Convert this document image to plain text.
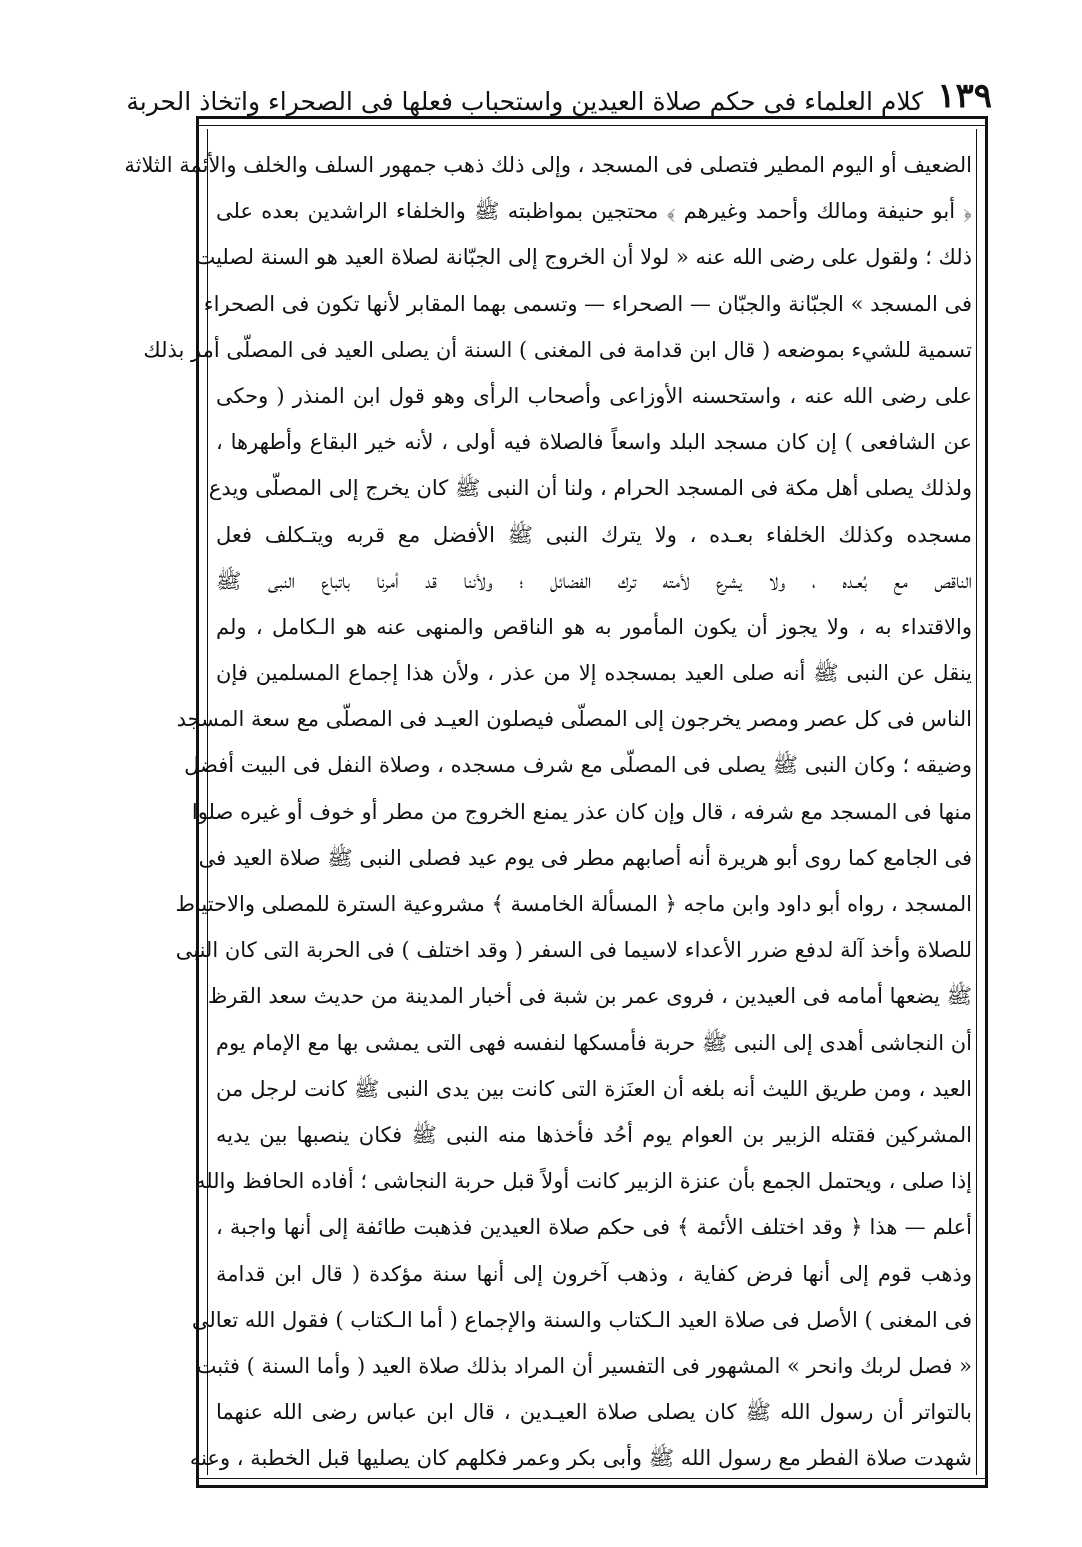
١٣٩
كلام العلماء فى حكم صلاة العيدين واستحباب فعلها فى الصحراء واتخاذ الحربة
الضعيف أو اليوم المطير فتصلى فى المسجد ، وإلى ذلك ذهب جمهور السلف والخلف والأئمة الثلاثة
﴿ أبو حنيفة ومالك وأحمد وغيرهم ﴾ محتجين بمواظبته ﷺ والخلفاء الراشدين بعده على
ذلك ؛ ولقول على رضى الله عنه « لولا أن الخروج إلى الجبّانة لصلاة العيد هو السنة لصليت
فى المسجد » الجبّانة والجبّان — الصحراء — وتسمى بهما المقابر لأنها تكون فى الصحراء
تسمية للشيء بموضعه ( قال ابن قدامة فى المغنى ) السنة أن يصلى العيد فى المصلّى أمر بذلك
على رضى الله عنه ، واستحسنه الأوزاعى وأصحاب الرأى وهو قول ابن المنذر ( وحكى
عن الشافعى ) إن كان مسجد البلد واسعاً فالصلاة فيه أولى ، لأنه خير البقاع وأطهرها ،
ولذلك يصلى أهل مكة فى المسجد الحرام ، ولنا أن النبى ﷺ كان يخرج إلى المصلّى ويدع
مسجده وكذلك الخلفاء بعـده ، ولا يترك النبى ﷺ الأفضل مع قربه ويتـكلف فعل
الناقص مع بُعـده ، ولا يشرع لأمته ترك الفضائل ؛ ولأننا قد أمرنا باتباع النبى ﷺ
والاقتداء به ، ولا يجوز أن يكون المأمور به هو الناقص والمنهى عنه هو الـكامل ، ولم
ينقل عن النبى ﷺ أنه صلى العيد بمسجده إلا من عذر ، ولأن هذا إجماع المسلمين فإن
الناس فى كل عصر ومصر يخرجون إلى المصلّى فيصلون العيـد فى المصلّى مع سعة المسجد
وضيقه ؛ وكان النبى ﷺ يصلى فى المصلّى مع شرف مسجده ، وصلاة النفل فى البيت أفضل
منها فى المسجد مع شرفه ، قال وإن كان عذر يمنع الخروج من مطر أو خوف أو غيره صلوا
فى الجامع كما روى أبو هريرة أنه أصابهم مطر فى يوم عيد فصلى النبى ﷺ صلاة العيد فى
المسجد ، رواه أبو داود وابن ماجه ﴿ المسألة الخامسة ﴾ مشروعية السترة للمصلى والاحتياط
للصلاة وأخذ آلة لدفع ضرر الأعداء لاسيما فى السفر ( وقد اختلف ) فى الحربة التى كان النبى
ﷺ يضعها أمامه فى العيدين ، فروى عمر بن شبة فى أخبار المدينة من حديث سعد القرظ
أن النجاشى أهدى إلى النبى ﷺ حربة فأمسكها لنفسه فهى التى يمشى بها مع الإمام يوم
العيد ، ومن طريق الليث أنه بلغه أن العنَزة التى كانت بين يدى النبى ﷺ كانت لرجل من
المشركين فقتله الزبير بن العوام يوم أحُد فأخذها منه النبى ﷺ فكان ينصبها بين يديه
إذا صلى ، ويحتمل الجمع بأن عنزة الزبير كانت أولاً قبل حربة النجاشى ؛ أفاده الحافظ والله
أعلم — هذا ﴿ وقد اختلف الأئمة ﴾ فى حكم صلاة العيدين فذهبت طائفة إلى أنها واجبة ،
وذهب قوم إلى أنها فرض كفاية ، وذهب آخرون إلى أنها سنة مؤكدة ( قال ابن قدامة
فى المغنى ) الأصل فى صلاة العيد الـكتاب والسنة والإجماع ( أما الـكتاب ) فقول الله تعالى
« فصل لربك وانحر » المشهور فى التفسير أن المراد بذلك صلاة العيد ( وأما السنة ) فثبت
بالتواتر أن رسول الله ﷺ كان يصلى صلاة العيـدين ، قال ابن عباس رضى الله عنهما
شهدت صلاة الفطر مع رسول الله ﷺ وأبى بكر وعمر فكلهم كان يصليها قبل الخطبة ، وعنه
